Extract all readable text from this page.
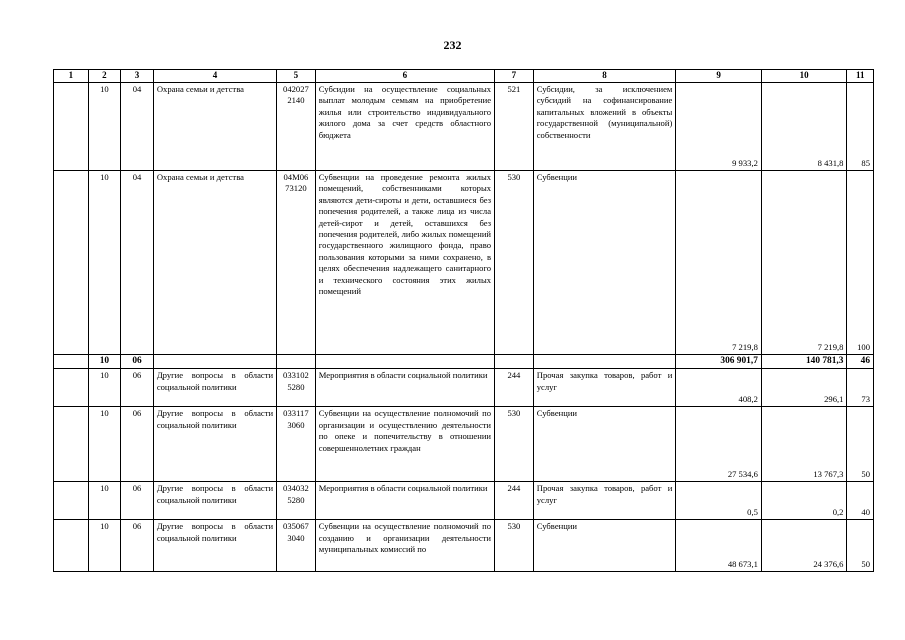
232
1	2	3	4	5	6	7	8	9	10	11
	10	04	Охрана семьи и детства	042027 2140	Субсидии на осуществление социальных выплат молодым семьям на приобретение жилья или строительство индивидуального жилого дома за счет средств областного бюджета	521	Субсидии, за исключением субсидий на софинансирование капитальных вложений в объекты государственной (муниципальной) собственности	9 933,2	8 431,8	85
	10	04	Охрана семьи и детства	04М06 73120	Субвенции на проведение ремонта жилых помещений, собственниками которых являются дети-сироты и дети, оставшиеся без попечения родителей, а также лица из числа детей-сирот и детей, оставшихся без попечения родителей, либо жилых помещений государственного жилищного фонда, право пользования которыми за ними сохранено, в целях обеспечения надлежащего санитарного и технического состояния этих жилых помещений	530	Субвенции	7 219,8	7 219,8	100
	10	06						306 901,7	140 781,3	46
	10	06	Другие вопросы в области социальной политики	033102 5280	Мероприятия в области социальной политики	244	Прочая закупка товаров, работ и услуг	408,2	296,1	73
	10	06	Другие вопросы в области социальной политики	033117 3060	Субвенции на осуществление полномочий по организации и осуществлению деятельности по опеке и попечительству в отношении совершеннолетних граждан	530	Субвенции	27 534,6	13 767,3	50
	10	06	Другие вопросы в области социальной политики	034032 5280	Мероприятия в области социальной политики	244	Прочая закупка товаров, работ и услуг	0,5	0,2	40
	10	06	Другие вопросы в области социальной политики	035067 3040	Субвенции на осуществление полномочий по созданию и организации деятельности муниципальных комиссий по	530	Субвенции	48 673,1	24 376,6	50
